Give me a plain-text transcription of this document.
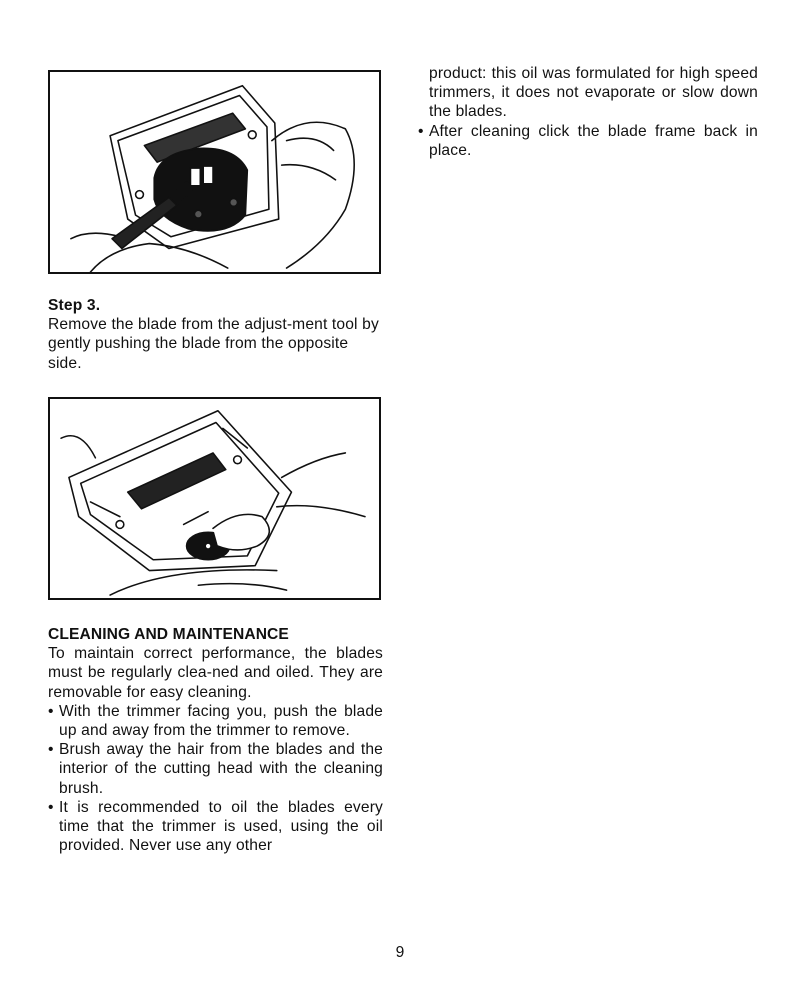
Step 3.
Remove the blade from the adjust-ment tool by gently pushing the blade from the opposite side.
CLEANING AND MAINTENANCE
To maintain correct performance, the blades must be regularly clea-ned and oiled. They are removable for easy cleaning.
• With the trimmer facing you, push the blade up and away from the trimmer to remove.
• Brush away the hair from the blades and the interior of the cutting head with the cleaning brush.
• It is recommended to oil the blades every time that the trimmer is used, using the oil provided. Never use any other
product: this oil was formulated for high speed trimmers, it does not evaporate or slow down the blades.
• After cleaning click the blade frame back in place.
9
